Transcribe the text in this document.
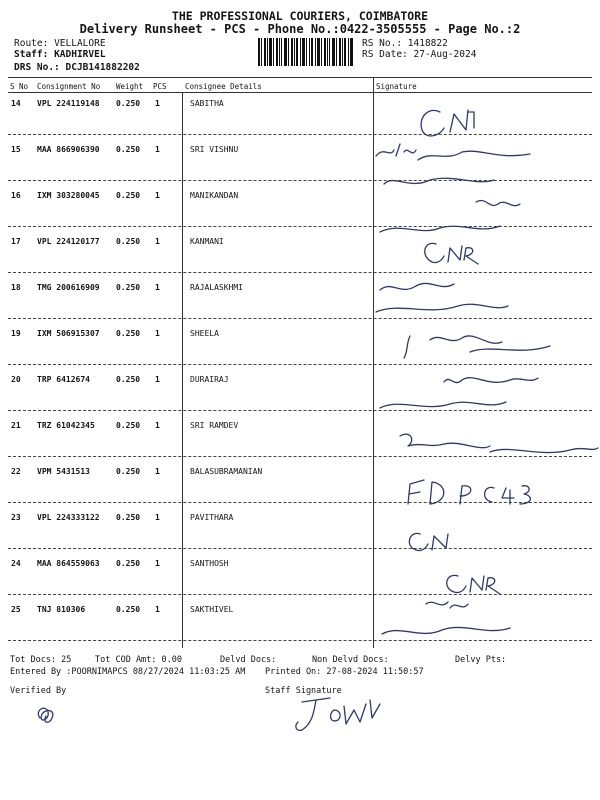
THE PROFESSIONAL COURIERS, COIMBATORE
Delivery Runsheet - PCS - Phone No.:0422-3505555 - Page No.:2
Route: VELLALORE
Staff: KADHIRVEL
DRS No.: DCJB141882202
RS No.: 1418822
RS Date: 27-Aug-2024
S No Consignment No Weight PCS Consignee Details	Signature
14 VPL 224119148 0.250 1	SABITHA
15 MAA 866906390 0.250 1	SRI VISHNU
16 IXM 303280045 0.250 1	MANIKANDAN
17 VPL 224120177 0.250 1	KANMANI
18 TMG 200616909 0.250 1	RAJALASKHMI
19 IXM 506915307 0.250 1	SHEELA
20 TRP 6412674	0.250 1	DURAIRAJ
21 TRZ 61042345	0.250 1	SRI RAMDEV
22 VPM 5431513	0.250 1	BALASUBRAMANIAN
23 VPL 224333122 0.250 1	PAVITHARA
24 MAA 864559063 0.250 1	SANTHOSH
25 TNJ 810306	0.250 1	SAKTHIVEL
Tot Docs: 25	Tot COD Amt: 0.00	Delvd Docs:	Non Delvd Docs:	Delvy Pts:
Entered By :POORNIMAPCS 08/27/2024 11:03:25 AM Printed On: 27-08-2024 11:50:57
Verified By	Staff Signature
